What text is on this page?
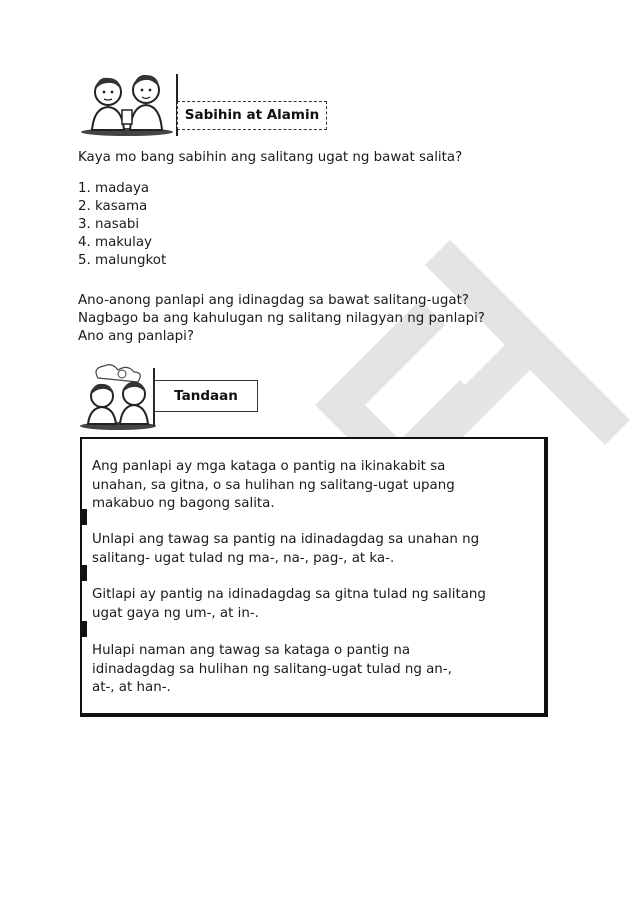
Sabihin at Alamin
Kaya mo bang sabihin ang salitang ugat ng bawat salita?
1. madaya
2. kasama
3. nasabi
4. makulay
5. malungkot
Ano-anong panlapi ang idinagdag sa bawat salitang-ugat?
Nagbago ba ang kahulugan ng salitang nilagyan ng panlapi?
Ano ang panlapi?
Tandaan
Ang panlapi ay mga kataga o pantig na ikinakabit sa
unahan, sa gitna, o sa hulihan ng salitang-ugat upang
makabuo ng bagong salita.
Unlapi ang tawag sa pantig na idinadagdag sa unahan ng
salitang- ugat tulad ng ma-, na-, pag-, at ka-.
Gitlapi ay pantig na idinadagdag sa gitna tulad ng salitang
ugat gaya ng um-, at in-.
Hulapi naman ang tawag sa kataga o pantig na
idinadagdag sa hulihan ng salitang-ugat tulad ng an-,
at-, at han-.
